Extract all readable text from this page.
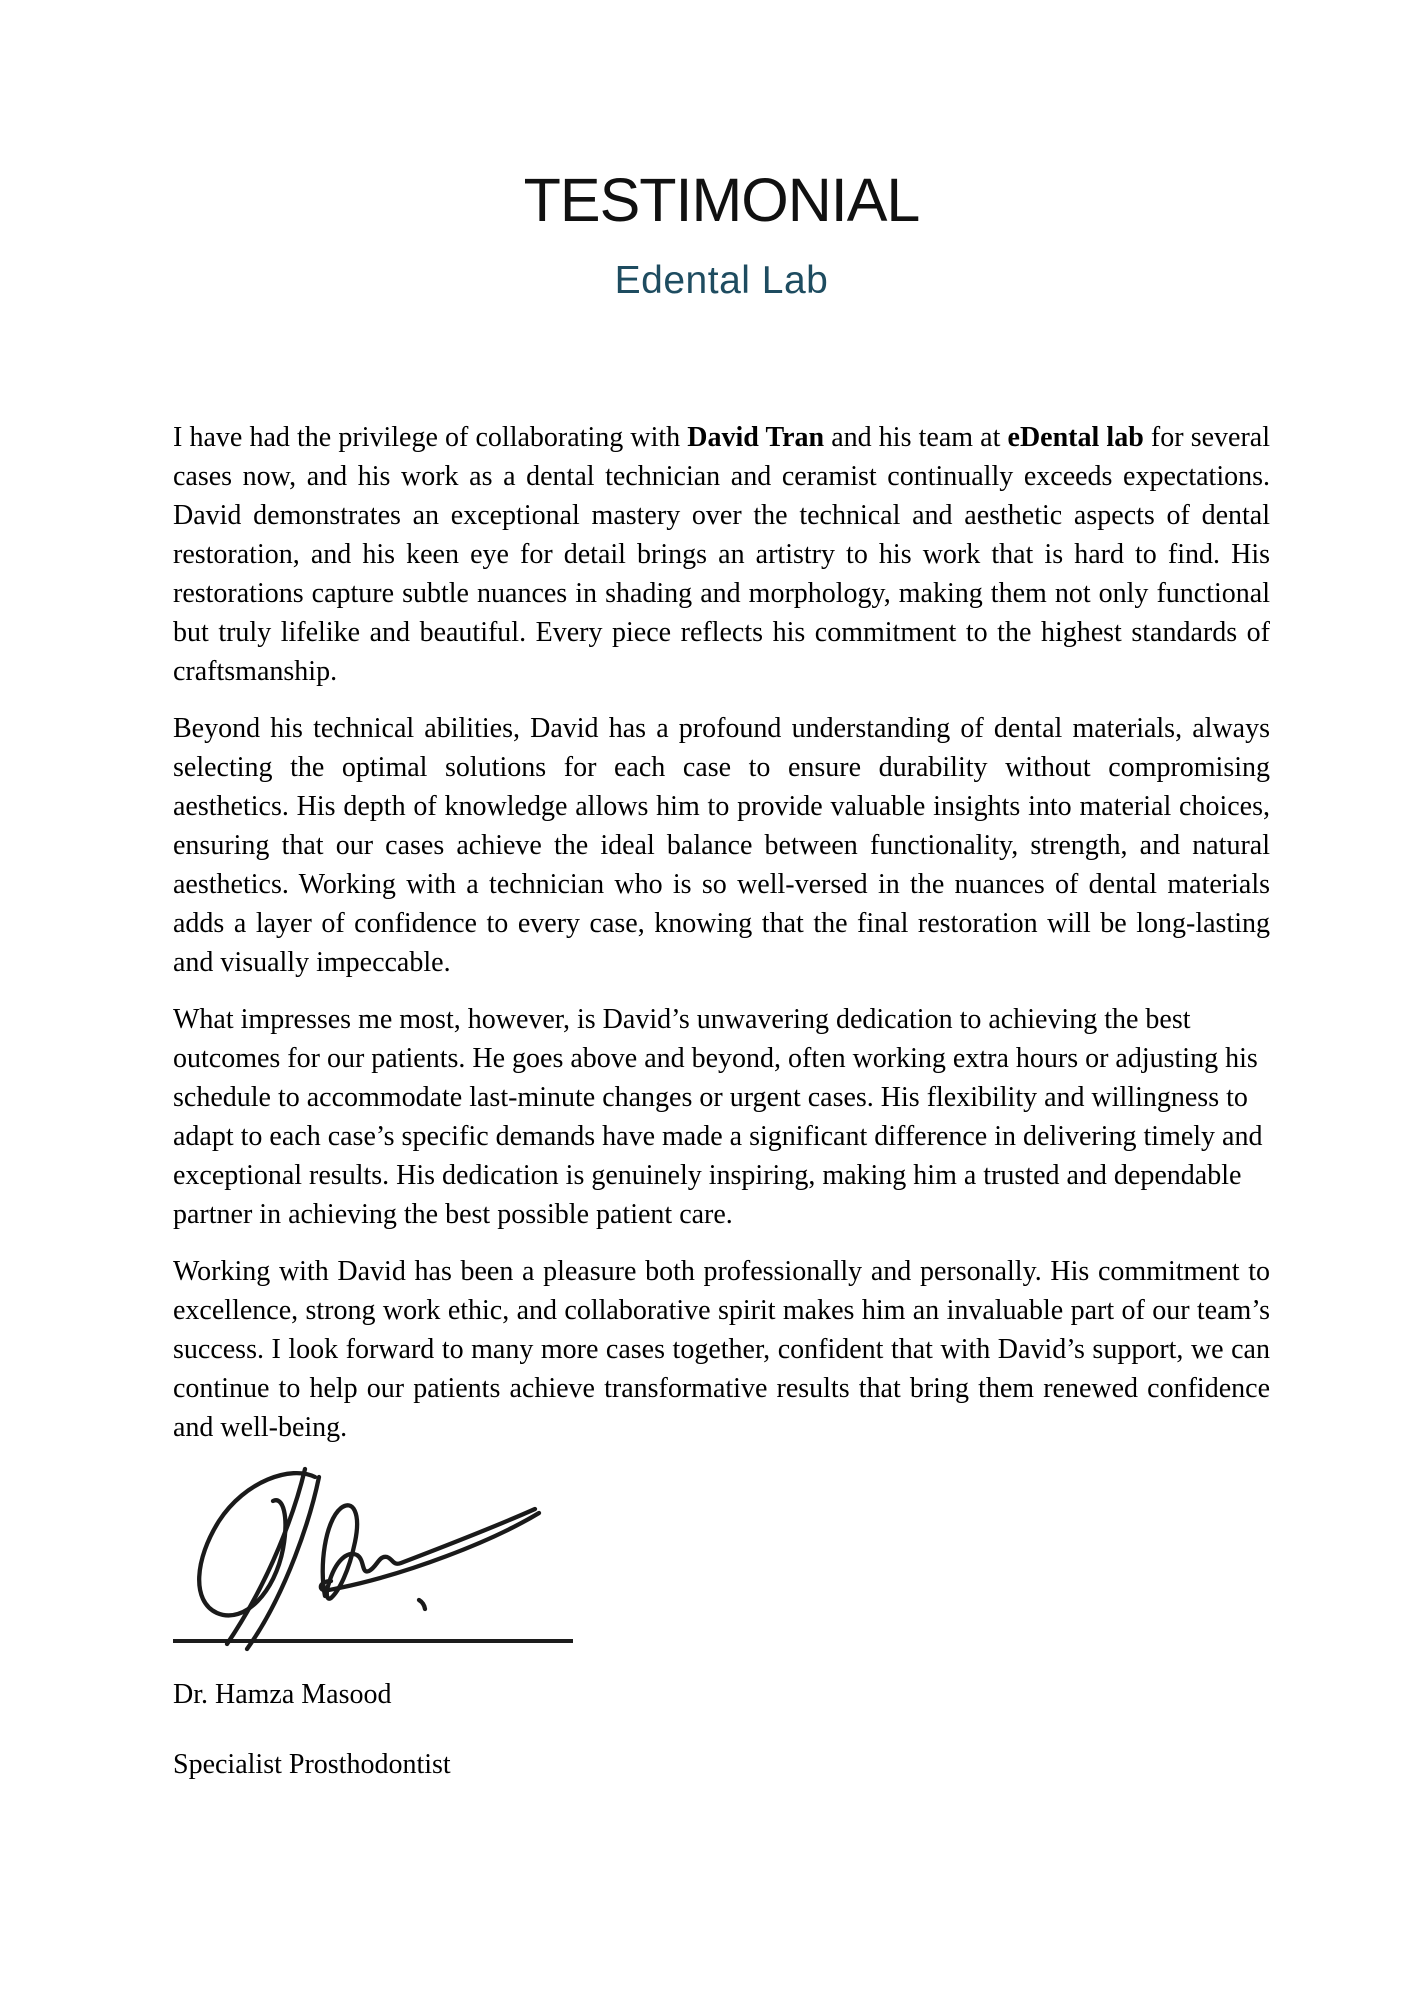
TESTIMONIAL
Edental Lab

I have had the privilege of collaborating with David Tran and his team at eDental lab for several cases now, and his work as a dental technician and ceramist continually exceeds expectations. David demonstrates an exceptional mastery over the technical and aesthetic aspects of dental restoration, and his keen eye for detail brings an artistry to his work that is hard to find. His restorations capture subtle nuances in shading and morphology, making them not only functional but truly lifelike and beautiful. Every piece reflects his commitment to the highest standards of craftsmanship.

Beyond his technical abilities, David has a profound understanding of dental materials, always selecting the optimal solutions for each case to ensure durability without compromising aesthetics. His depth of knowledge allows him to provide valuable insights into material choices, ensuring that our cases achieve the ideal balance between functionality, strength, and natural aesthetics. Working with a technician who is so well-versed in the nuances of dental materials adds a layer of confidence to every case, knowing that the final restoration will be long-lasting and visually impeccable.

What impresses me most, however, is David’s unwavering dedication to achieving the best outcomes for our patients. He goes above and beyond, often working extra hours or adjusting his schedule to accommodate last-minute changes or urgent cases. His flexibility and willingness to adapt to each case’s specific demands have made a significant difference in delivering timely and exceptional results. His dedication is genuinely inspiring, making him a trusted and dependable partner in achieving the best possible patient care.

Working with David has been a pleasure both professionally and personally. His commitment to excellence, strong work ethic, and collaborative spirit makes him an invaluable part of our team’s success. I look forward to many more cases together, confident that with David’s support, we can continue to help our patients achieve transformative results that bring them renewed confidence and well-being.

Dr. Hamza Masood
Specialist Prosthodontist
